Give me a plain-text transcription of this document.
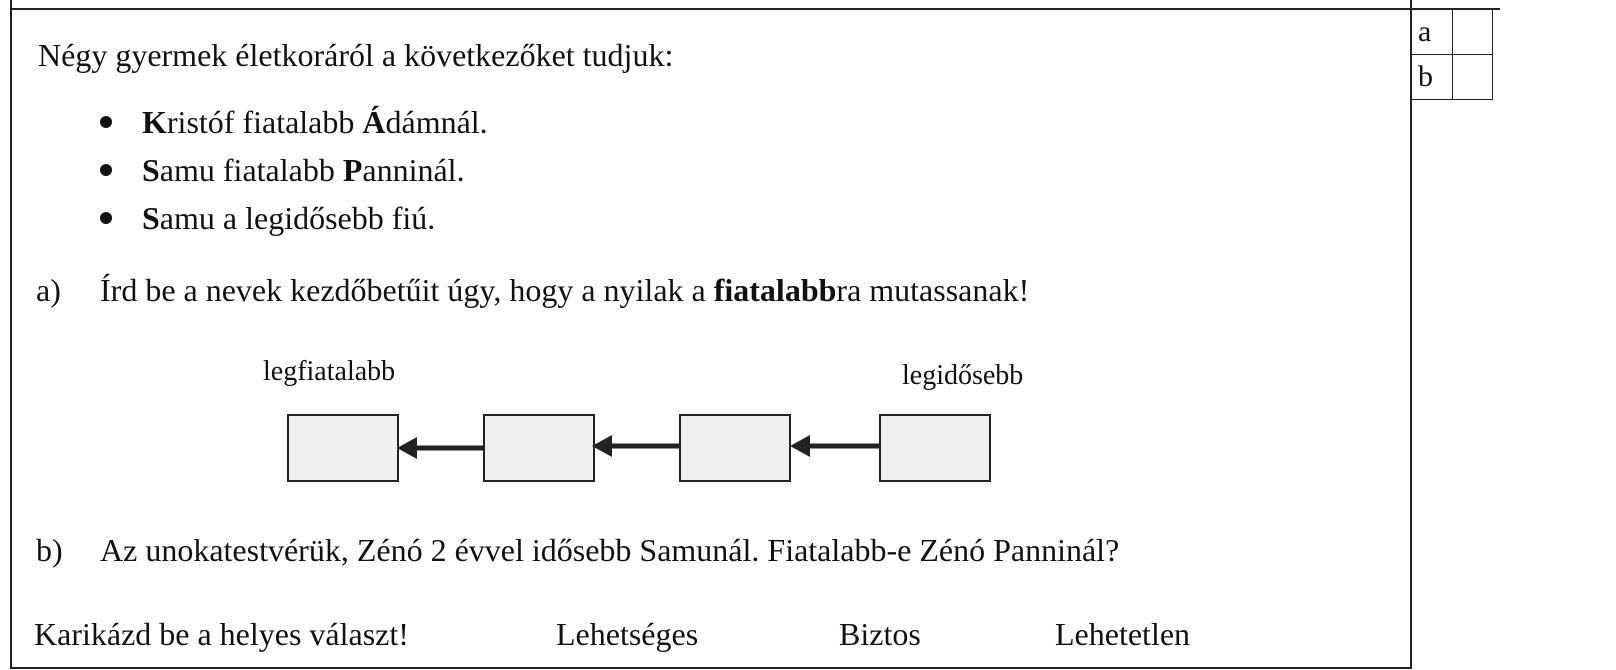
a	
b	
Négy gyermek életkoráról a következőket tudjuk:
Kristóf fiatalabb Ádámnál.
Samu fiatalabb Panninál.
Samu a legidősebb fiú.
a) Írd be a nevek kezdőbetűit úgy, hogy a nyilak a fiatalabbra mutassanak!
legfiatalabb	legidősebb
b) Az unokatestvérük, Zénó 2 évvel idősebb Samunál. Fiatalabb-e Zénó Panninál?
Karikázd be a helyes választ!	Lehetséges	Biztos	Lehetetlen
